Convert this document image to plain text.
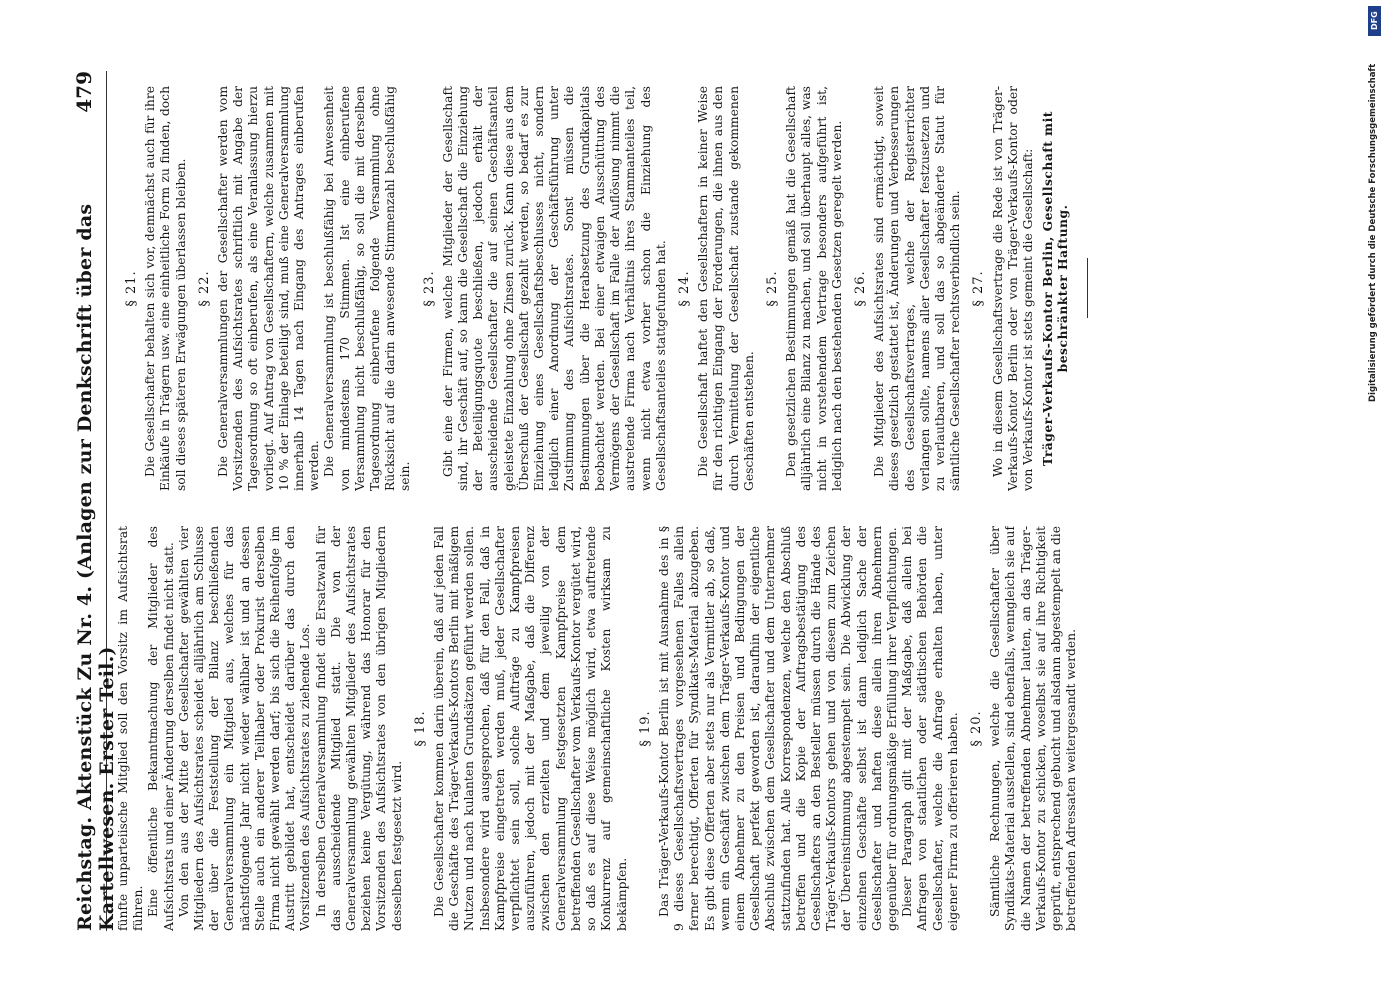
Reichstag. Aktenstück Zu Nr. 4. (Anlagen zur Denkschrift über das Kartellwesen. Erster Teil.)
479

fünfte unparteiische Mitglied soll den Vorsitz im Aufsichtsrat führen. Eine öffentliche Bekanntmachung der Mitglieder des Aufsichtsrats und einer Änderung derselben findet nicht statt. Von den aus der Mitte der Gesellschafter gewählten vier Mitgliedern des Aufsichtsrates scheidet alljährlich am Schlusse der über die Feststellung der Bilanz beschließenden Generalversammlung ein Mitglied aus, welches für das nächstfolgende Jahr nicht wieder wählbar ist und an dessen Stelle auch ein anderer Teilhaber oder Prokurist derselben Firma nicht gewählt werden darf; bis sich die Reihenfolge im Austritt gebildet hat, entscheidet darüber das durch den Vorsitzenden des Aufsichtsrates zu ziehende Los. In derselben Generalversammlung findet die Ersatzwahl für das ausscheidende Mitglied statt. Die von der Generalversammlung gewählten Mitglieder des Aufsichtsrates beziehen keine Vergütung, während das Honorar für den Vorsitzenden des Aufsichtsrates von den übrigen Mitgliedern desselben festgesetzt wird.

§ 18. Die Gesellschafter kommen darin überein, daß auf jeden Fall die Geschäfte des Träger-Verkaufs-Kontors Berlin mit mäßigem Nutzen und nach kulanten Grundsätzen geführt werden sollen. Insbesondere wird ausgesprochen, daß für den Fall, daß in Kampfpreise eingetreten werden muß, jeder Gesellschafter verpflichtet sein soll, solche Aufträge zu Kampfpreisen auszuführen, jedoch mit der Maßgabe, daß die Differenz zwischen den erzielten und dem jeweilig von der Generalversammlung festgesetzten Kampfpreise dem betreffenden Gesellschafter vom Verkaufs-Kontor vergütet wird, so daß es auf diese Weise möglich wird, etwa auftretende Konkurrenz auf gemeinschaftliche Kosten wirksam zu bekämpfen.

§ 19. Das Träger-Verkaufs-Kontor Berlin ist mit Ausnahme des in § 9 dieses Gesellschaftsvertrages vorgesehenen Falles allein ferner berechtigt, Offerten für Syndikats-Material abzugeben. Es gibt diese Offerten aber stets nur als Vermittler ab, so daß, wenn ein Geschäft zwischen dem Träger-Verkaufs-Kontor und einem Abnehmer zu den Preisen und Bedingungen der Gesellschaft perfekt geworden ist, daraufhin der eigentliche Abschluß zwischen dem Gesellschafter und dem Unternehmer stattzufinden hat. Alle Korrespondenzen, welche den Abschluß betreffen und die Kopie der Auftragsbestätigung des Gesellschafters an den Besteller müssen durch die Hände des Träger-Verkaufs-Kontors gehen und von diesem zum Zeichen der Übereinstimmung abgestempelt sein. Die Abwicklung der einzelnen Geschäfte selbst ist dann lediglich Sache der Gesellschafter und haften diese allein ihren Abnehmern gegenüber für ordnungsmäßige Erfüllung ihrer Verpflichtungen. Dieser Paragraph gilt mit der Maßgabe, daß allein bei Anfragen von staatlichen oder städtischen Behörden die Gesellschafter, welche die Anfrage erhalten haben, unter eigener Firma zu offerieren haben. § 20. Sämtliche Rechnungen, welche die Gesellschafter über Syndikats-Material ausstellen, sind ebenfalls, wenngleich sie auf die Namen der betreffenden Abnehmer lauten, an das Träger-Verkaufs-Kontor zu schicken, woselbst sie auf ihre Richtigkeit geprüft, entsprechend gebucht und alsdann abgestempelt an die betreffenden Adressaten weitergesandt werden.

§ 21. Die Gesellschafter behalten sich vor, demnächst auch für ihre Einkäufe in Trägern usw. eine einheitliche Form zu finden, doch soll dieses späteren Erwägungen überlassen bleiben. § 22. Die Generalversammlungen der Gesellschafter werden vom Vorsitzenden des Aufsichtsrates schriftlich mit Angabe der Tagesordnung so oft einberufen, als eine Veranlassung hierzu vorliegt. Auf Antrag von Gesellschaftern, welche zusammen mit 10 % der Einlage beteiligt sind, muß eine Generalversammlung innerhalb 14 Tagen nach Eingang des Antrages einberufen werden. Die Generalversammlung ist beschlußfähig bei Anwesenheit von mindestens 170 Stimmen. Ist eine einberufene Versammlung nicht beschlußfähig, so soll die mit derselben Tagesordnung einberufene folgende Versammlung ohne Rücksicht auf die darin anwesende Stimmenzahl beschlußfähig sein.

§ 23. Gibt eine der Firmen, welche Mitglieder der Gesellschaft sind, ihr Geschäft auf, so kann die Gesellschaft die Einziehung der Beteiligungsquote beschließen, jedoch erhält der ausscheidende Gesellschafter die auf seinen Geschäftsanteil geleistete Einzahlung ohne Zinsen zurück. Kann diese aus dem Überschuß der Gesellschaft gezahlt werden, so bedarf es zur Einziehung eines Gesellschaftsbeschlusses nicht, sondern lediglich einer Anordnung der Geschäftsführung unter Zustimmung des Aufsichtsrates. Sonst müssen die Bestimmungen über die Herabsetzung des Grundkapitals beobachtet werden. Bei einer etwaigen Ausschüttung des Vermögens der Gesellschaft im Falle der Auflösung nimmt die austretende Firma nach Verhältnis ihres Stammanteiles teil, wenn nicht etwa vorher schon die Einziehung des Gesellschaftsanteiles stattgefunden hat. § 24. Die Gesellschaft haftet den Gesellschaftern in keiner Weise für den richtigen Eingang der Forderungen, die ihnen aus den durch Vermittelung der Gesellschaft zustande gekommenen Geschäften entstehen.

§ 25. Den gesetzlichen Bestimmungen gemäß hat die Gesellschaft alljährlich eine Bilanz zu machen, und soll überhaupt alles, was nicht in vorstehendem Vertrage besonders aufgeführt ist, lediglich nach den bestehenden Gesetzen geregelt werden. § 26. Die Mitglieder des Aufsichtsrates sind ermächtigt, soweit dieses gesetzlich gestattet ist, Änderungen und Verbesserungen des Gesellschaftsvertrages, welche der Registerrichter verlangen sollte, namens aller Gesellschafter festzusetzen und zu verlautbaren, und soll das so abgeänderte Statut für sämtliche Gesellschafter rechtsverbindlich sein. § 27. Wo in diesem Gesellschaftsvertrage die Rede ist von Träger-Verkaufs-Kontor Berlin oder von Träger-Verkaufs-Kontor oder von Verkaufs-Kontor ist stets gemeint die Gesellschaft: Träger-Verkaufs-Kontor Berlin, Gesellschaft mit beschränkter Haftung.
DFG
Digitalisierung gefördert durch die Deutsche Forschungsgemeinschaft
